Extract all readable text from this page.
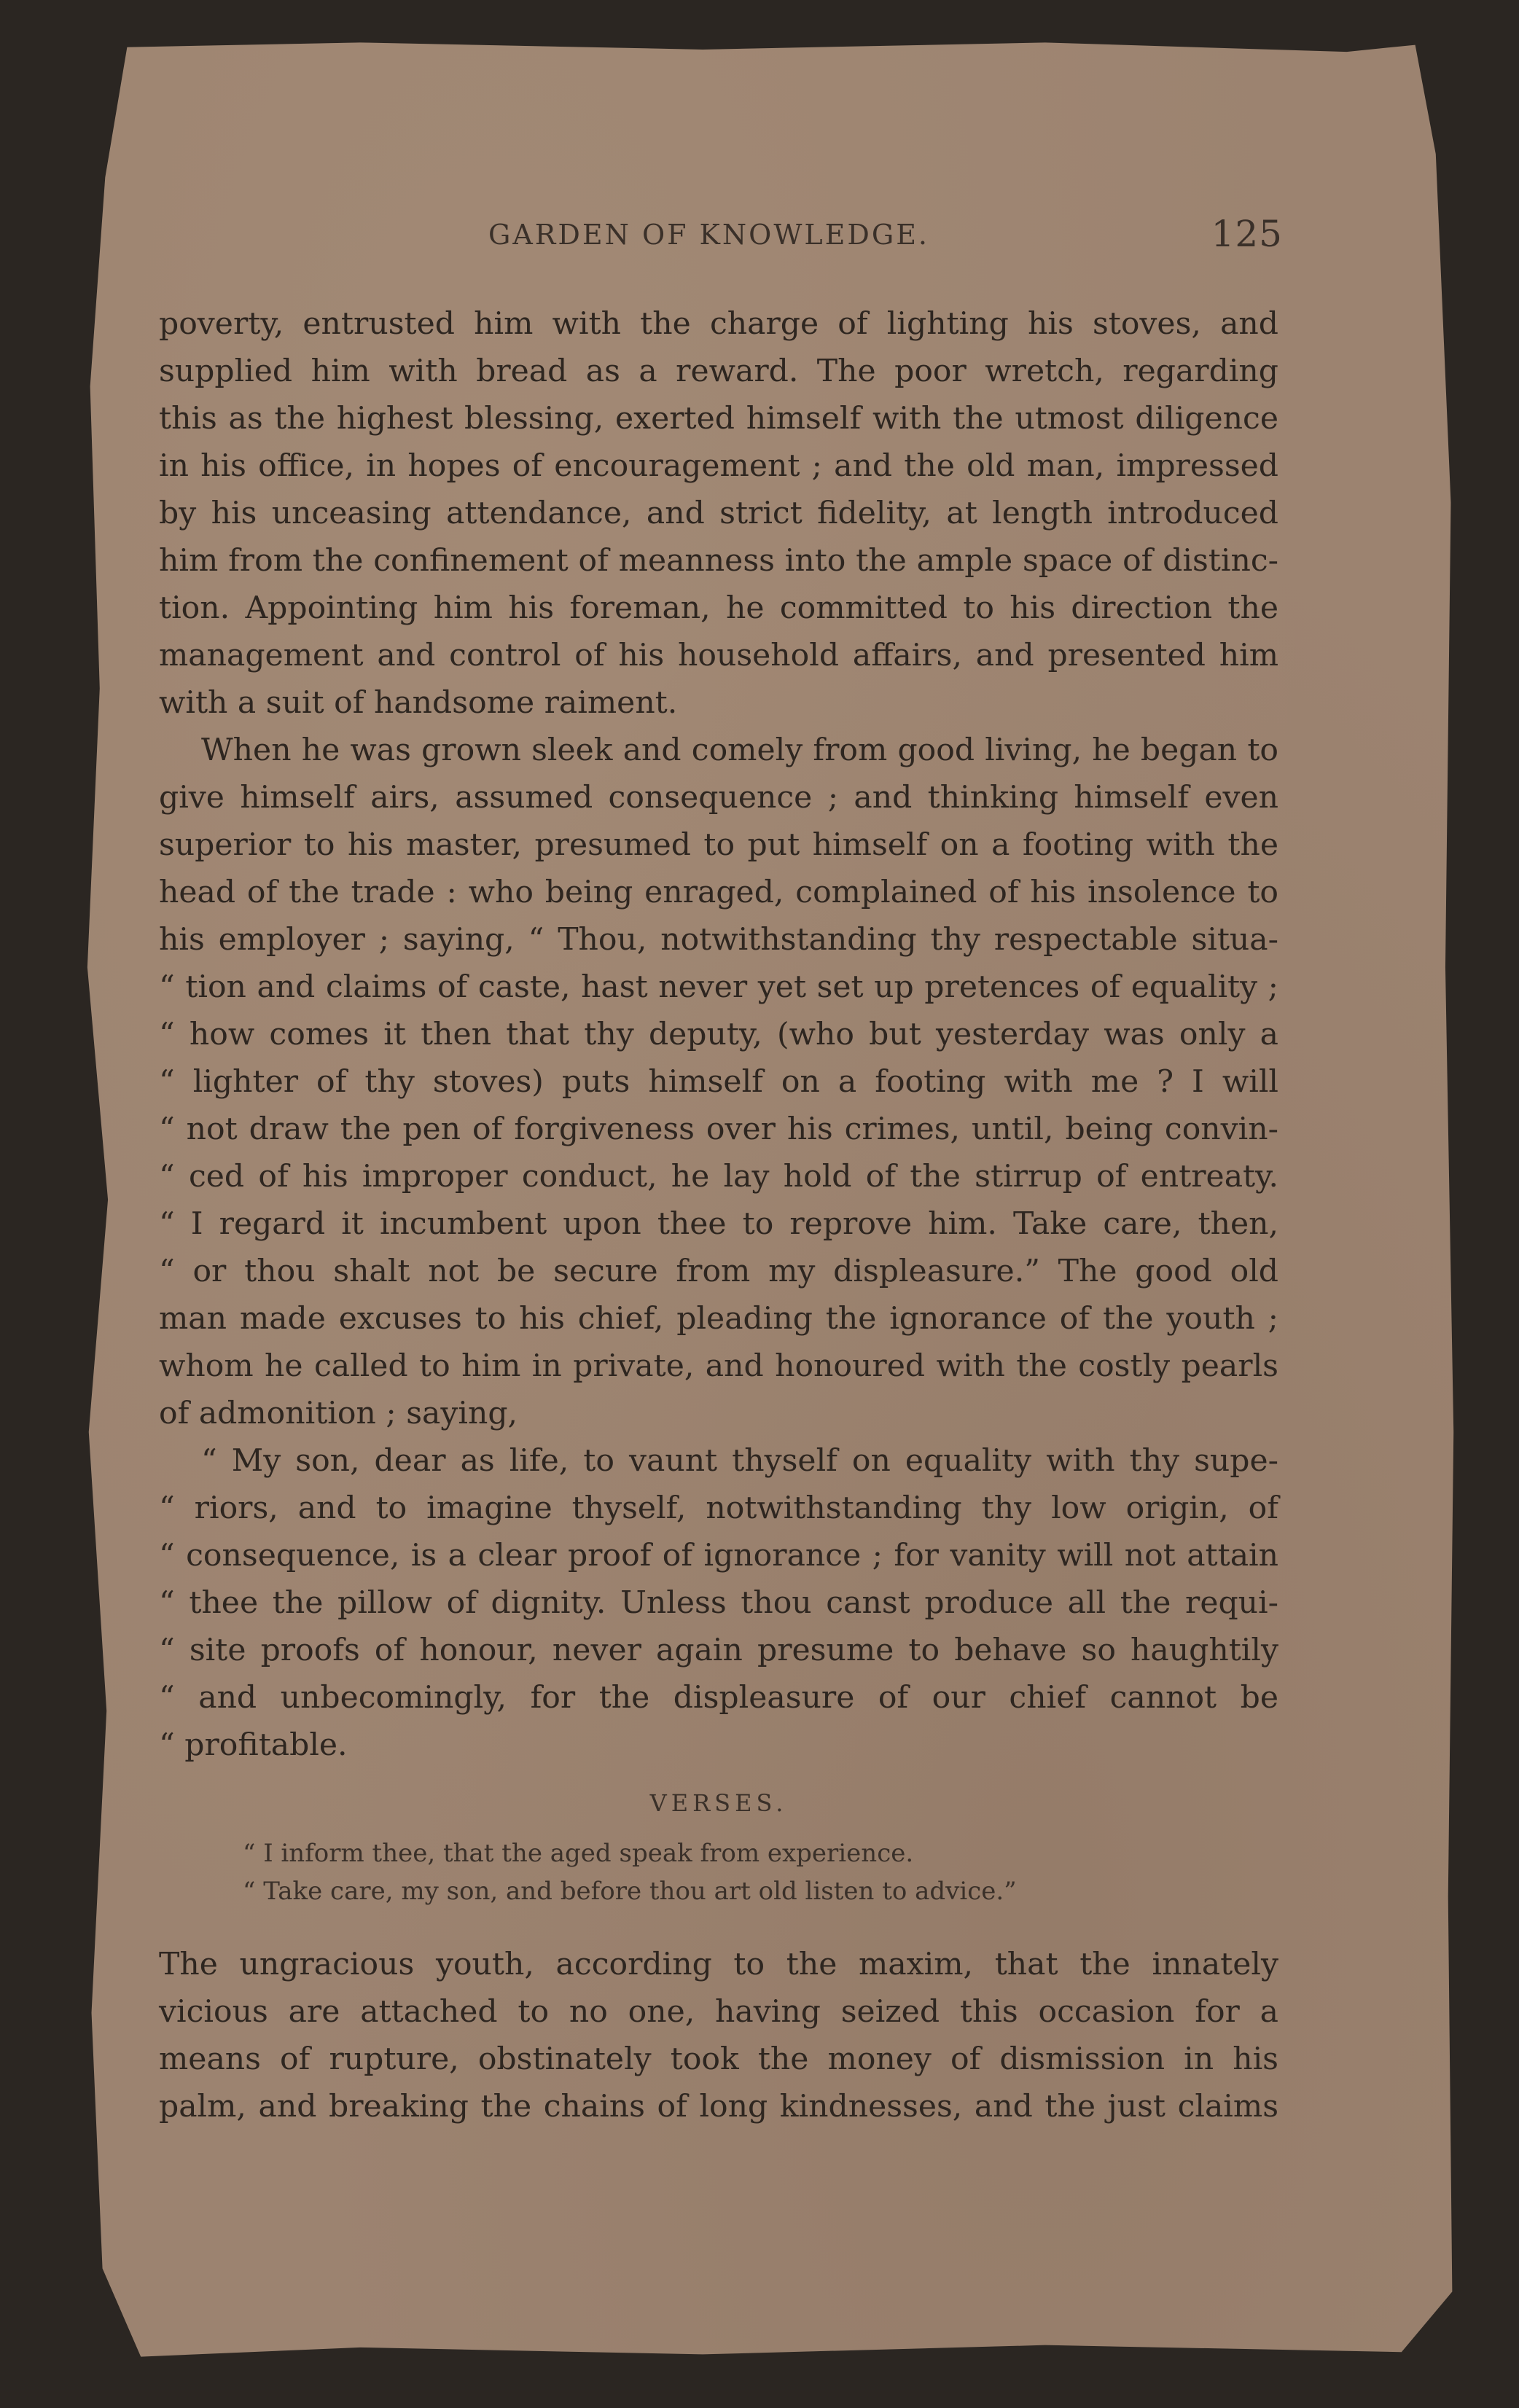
GARDEN OF KNOWLEDGE.	125
poverty, entrusted him with the charge of lighting his stoves, and
supplied him with bread as a reward. The poor wretch, regarding
this as the highest blessing, exerted himself with the utmost diligence
in his office, in hopes of encouragement ; and the old man, impressed
by his unceasing attendance, and strict fidelity, at length introduced
him from the confinement of meanness into the ample space of distinc-
tion. Appointing him his foreman, he committed to his direction the
management and control of his household affairs, and presented him
with a suit of handsome raiment.
When he was grown sleek and comely from good living, he began to
give himself airs, assumed consequence ; and thinking himself even
superior to his master, presumed to put himself on a footing with the
head of the trade : who being enraged, complained of his insolence to
his employer ; saying, “ Thou, notwithstanding thy respectable situa-
“ tion and claims of caste, hast never yet set up pretences of equality ;
“ how comes it then that thy deputy, (who but yesterday was only a
“ lighter of thy stoves) puts himself on a footing with me ? I will
“ not draw the pen of forgiveness over his crimes, until, being convin-
“ ced of his improper conduct, he lay hold of the stirrup of entreaty.
“ I regard it incumbent upon thee to reprove him. Take care, then,
“ or thou shalt not be secure from my displeasure.” The good old
man made excuses to his chief, pleading the ignorance of the youth ;
whom he called to him in private, and honoured with the costly pearls
of admonition ; saying,
“ My son, dear as life, to vaunt thyself on equality with thy supe-
“ riors, and to imagine thyself, notwithstanding thy low origin, of
“ consequence, is a clear proof of ignorance ; for vanity will not attain
“ thee the pillow of dignity. Unless thou canst produce all the requi-
“ site proofs of honour, never again presume to behave so haughtily
“ and unbecomingly, for the displeasure of our chief cannot be
“ profitable.
VERSES.
“ I inform thee, that the aged speak from experience.
“ Take care, my son, and before thou art old listen to advice.”
The ungracious youth, according to the maxim, that the innately
vicious are attached to no one, having seized this occasion for a
means of rupture, obstinately took the money of dismission in his
palm, and breaking the chains of long kindnesses, and the just claims
